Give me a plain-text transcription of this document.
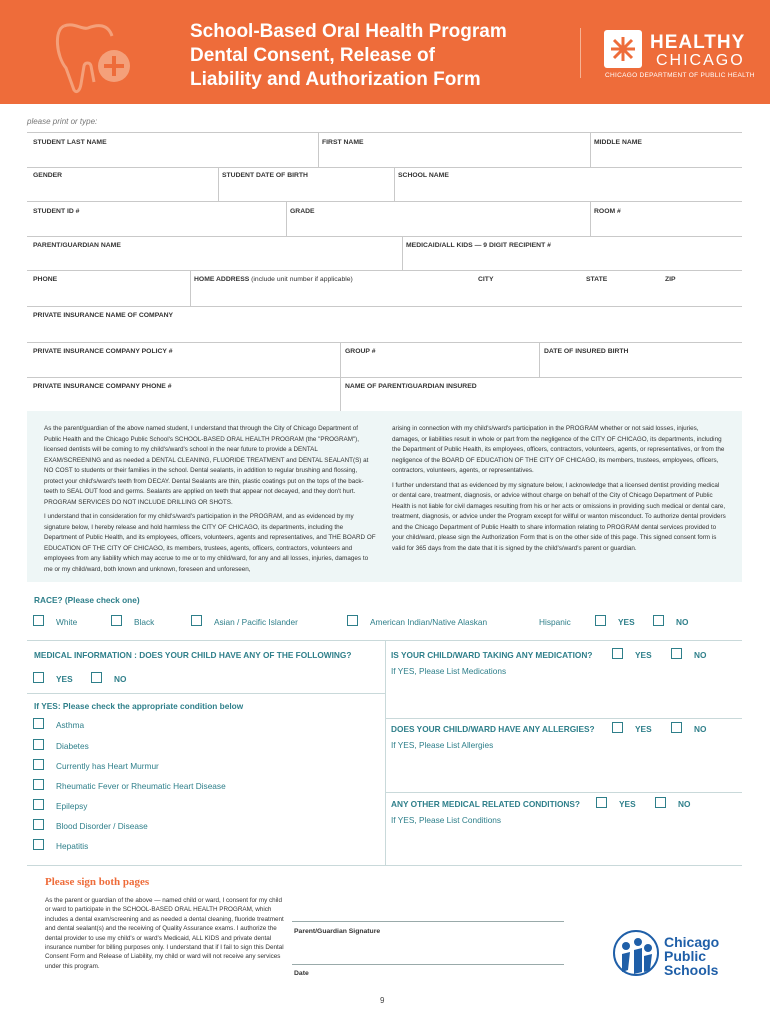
School-Based Oral Health Program
Dental Consent, Release of
Liability and Authorization Form
HEALTHY
CHICAGO
CHICAGO DEPARTMENT OF PUBLIC HEALTH
please print or type:
STUDENT LAST NAME	FIRST NAME	MIDDLE NAME
GENDER	STUDENT DATE OF BIRTH	SCHOOL NAME
STUDENT ID #	GRADE	ROOM #
PARENT/GUARDIAN NAME	MEDICAID/ALL KIDS — 9 DIGIT RECIPIENT #
PHONE	HOME ADDRESS (include unit number if applicable)	CITY	STATE	ZIP
PRIVATE INSURANCE NAME OF COMPANY
PRIVATE INSURANCE COMPANY POLICY #	GROUP #	DATE OF INSURED BIRTH
PRIVATE INSURANCE COMPANY PHONE #	NAME OF PARENT/GUARDIAN INSURED

As the parent/guardian of the above named student, I understand that through the City of Chicago Department of Public Health and the Chicago Public School's SCHOOL-BASED ORAL HEALTH PROGRAM (the "PROGRAM"), licensed dentists will be coming to my child's/ward's school in the near future to provide a DENTAL EXAM/SCREENING and as needed a DENTAL CLEANING, FLUORIDE TREATMENT and DENTAL SEALANT(S) at NO COST to students or their families in the school. Dental sealants, in addition to regular brushing and flossing, protect your child's/ward's teeth from DECAY. Dental Sealants are thin, plastic coatings put on the tops of the back-teeth to SEAL OUT food and germs. Sealants are applied on teeth that appear not decayed, and they don't hurt. PROGRAM SERVICES DO NOT INCLUDE DRILLING OR SHOTS.

I understand that in consideration for my child's/ward's participation in the PROGRAM, and as evidenced by my signature below, I hereby release and hold harmless the CITY OF CHICAGO, its departments, including the Department of Public Health, and its employees, officers, volunteers, agents and representatives, and THE BOARD OF EDUCATION OF THE CITY OF CHICAGO, its members, trustees, agents, officers, contractors, volunteers and employees from any liability which may accrue to me or to my child/ward, for any and all losses, injuries, damages to me or my child/ward, both known and unknown, foreseen and unforeseen,

arising in connection with my child's/ward's participation in the PROGRAM whether or not said losses, injuries, damages, or liabilities result in whole or part from the negligence of the CITY OF CHICAGO, its departments, including the Department of Public Health, its employees, officers, contractors, volunteers, agents, or representatives, or from the negligence of the BOARD OF EDUCATION OF THE CITY OF CHICAGO, its members, trustees, employees, officers, contractors, volunteers, agents, or representatives.

I further understand that as evidenced by my signature below, I acknowledge that a licensed dentist providing medical or dental care, treatment, diagnosis, or advice without charge on behalf of the City of Chicago Department of Public Health is not liable for civil damages resulting from his or her acts or omissions in providing such medical or dental care, treatment, diagnosis, or advice under the Program except for willful or wanton misconduct. To authorize dental providers and the Chicago Department of Public Health to share information relating to PROGRAM dental services provided to your child/ward, please sign the Authorization Form that is on the other side of this page. This signed consent form is valid for 365 days from the date that it is signed by the child's/ward's parent or guardian.

RACE? (Please check one)
White	Black	Asian / Pacific Islander	American Indian/Native Alaskan	Hispanic	YES	NO
MEDICAL INFORMATION : DOES YOUR CHILD HAVE ANY OF THE FOLLOWING?
YES	NO
If YES: Please check the appropriate condition below
Asthma
Diabetes
Currently has Heart Murmur
Rheumatic Fever or Rheumatic Heart Disease
Epilepsy
Blood Disorder / Disease
Hepatitis
IS YOUR CHILD/WARD TAKING ANY MEDICATION?	YES	NO
If YES, Please List Medications
DOES YOUR CHILD/WARD HAVE ANY ALLERGIES?	YES	NO
If YES, Please List Allergies
ANY OTHER MEDICAL RELATED CONDITIONS?	YES	NO
If YES, Please List Conditions
Please sign both pages
As the parent or guardian of the above — named child or ward, I consent for my child or ward to participate in the SCHOOL-BASED ORAL HEALTH PROGRAM, which includes a dental exam/screening and as needed a dental cleaning, fluoride treatment and dental sealant(s) and the receiving of Quality Assurance exams. I authorize the dental provider to use my child's or ward's Medicaid, ALL KIDS and private dental insurance number for billing purposes only. I understand that if I fail to sign this Dental Consent Form and Release of Liability, my child or ward will not receive any services under this program.
Parent/Guardian Signature
Date
Chicago
Public
Schools
9
